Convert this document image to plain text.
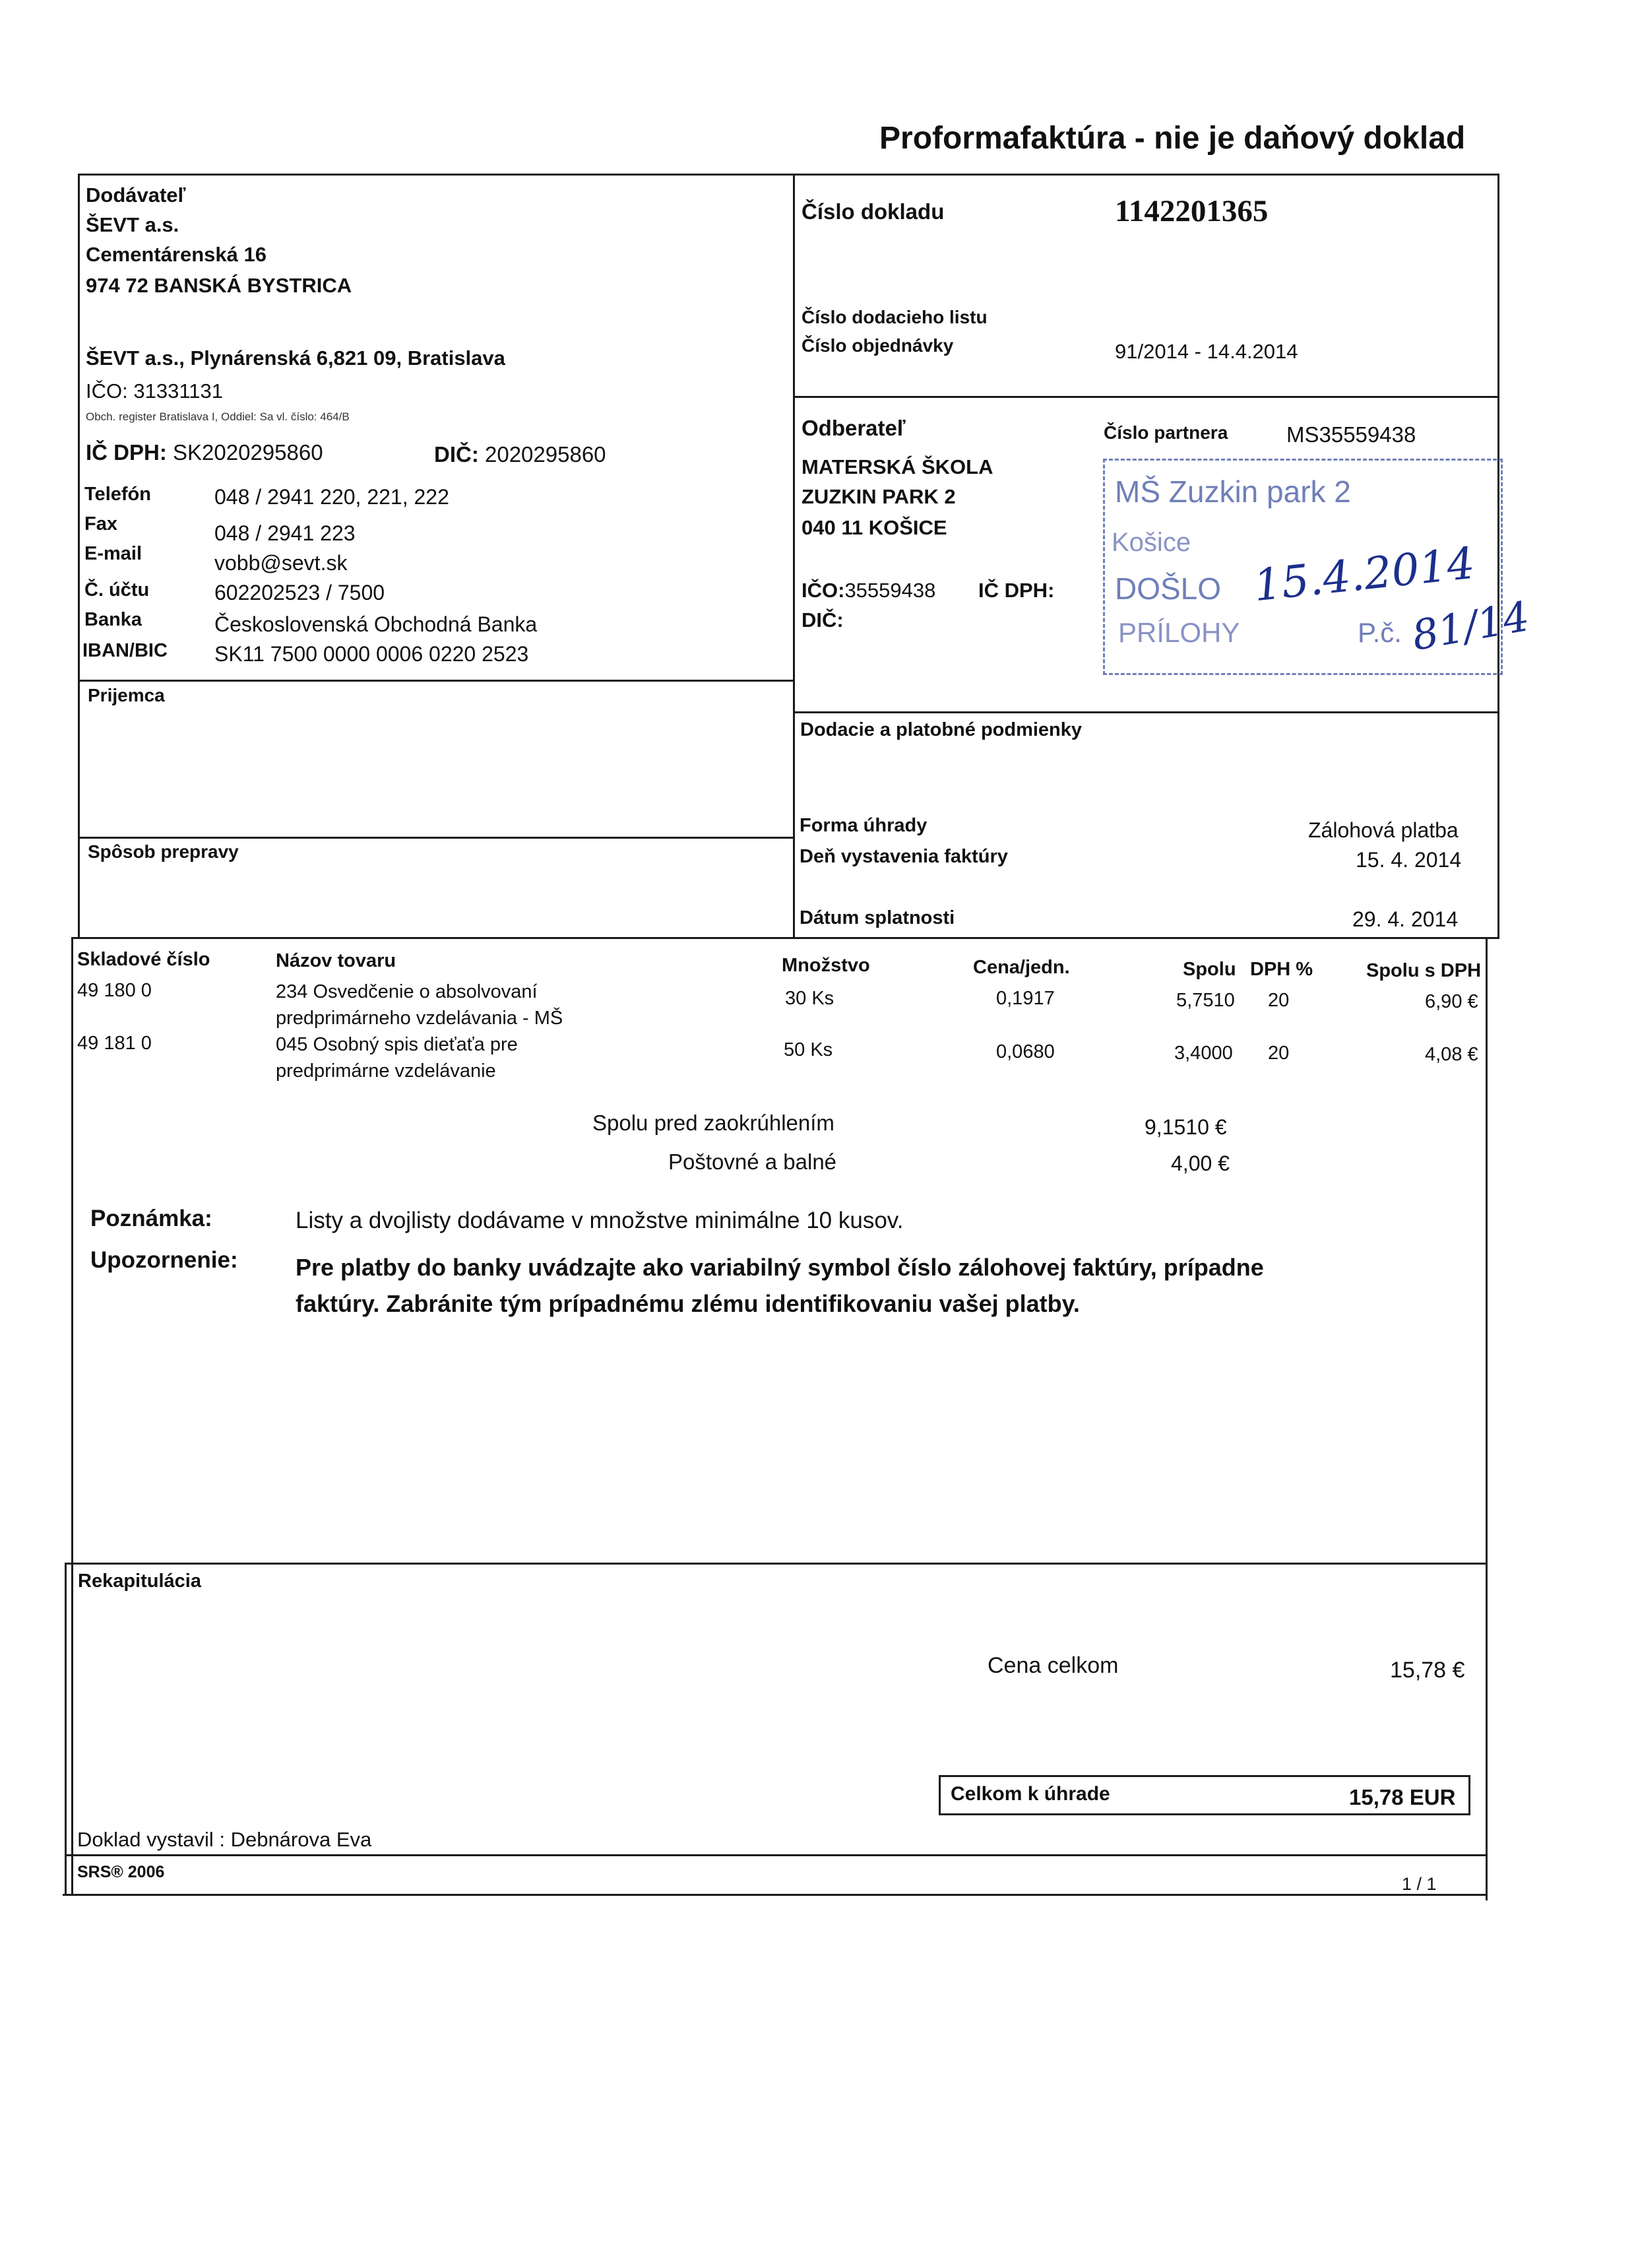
Proformafaktúra - nie je daňový doklad
Dodávateľ
ŠEVT a.s.
Cementárenská 16
974 72 BANSKÁ BYSTRICA
ŠEVT a.s., Plynárenská 6,821 09, Bratislava
IČO: 31331131
Obch. register Bratislava I, Oddiel: Sa vl. číslo: 464/B
IČ DPH: SK2020295860	DIČ: 2020295860
Telefón	048 / 2941 220, 221, 222
Fax	048 / 2941 223
E-mail	vobb@sevt.sk
Č. účtu	602202523 / 7500
Banka	Československá Obchodná Banka
IBAN/BIC SK11 7500 0000 0006 0220 2523
Prijemca
Spôsob prepravy
Číslo dokladu	1142201365
Číslo dodacieho listu
Číslo objednávky	91/2014 - 14.4.2014
Odberateľ	Číslo partnera	MS35559438
MATERSKÁ ŠKOLA
ZUZKIN PARK 2
040 11 KOŠICE
IČO:35559438 IČ DPH:
DIČ:
MŠ Zuzkin park 2
Košice
DOŠLO
PRÍLOHY	P.č.
15.4.2014
81/14
Dodacie a platobné podmienky
Forma úhrady	Zálohová platba
Deň vystavenia faktúry	15. 4. 2014
Dátum splatnosti	29. 4. 2014
Skladové číslo	Názov tovaru	Množstvo	Cena/jedn.	Spolu DPH %	Spolu s DPH
49 180 0	234 Osvedčenie o absolvovaní
predprimárneho vzdelávania - MŠ
30 Ks	0,1917	5,7510 20	6,90 €
49 181 0	045 Osobný spis dieťaťa pre
predprimárne vzdelávanie
50 Ks	0,0680	3,4000 20	4,08 €
Spolu pred zaokrúhlením	9,1510 €
Poštovné a balné	4,00 €
Poznámka:	Listy a dvojlisty dodávame v množstve minimálne 10 kusov.
Upozornenie: Pre platby do banky uvádzajte ako variabilný symbol číslo zálohovej faktúry, prípadne
faktúry. Zabránite tým prípadnému zlému identifikovaniu vašej platby.
Rekapitulácia
Cena celkom	15,78 €
Celkom k úhrade	15,78 EUR
Doklad vystavil : Debnárova Eva
SRS® 2006
1 / 1
